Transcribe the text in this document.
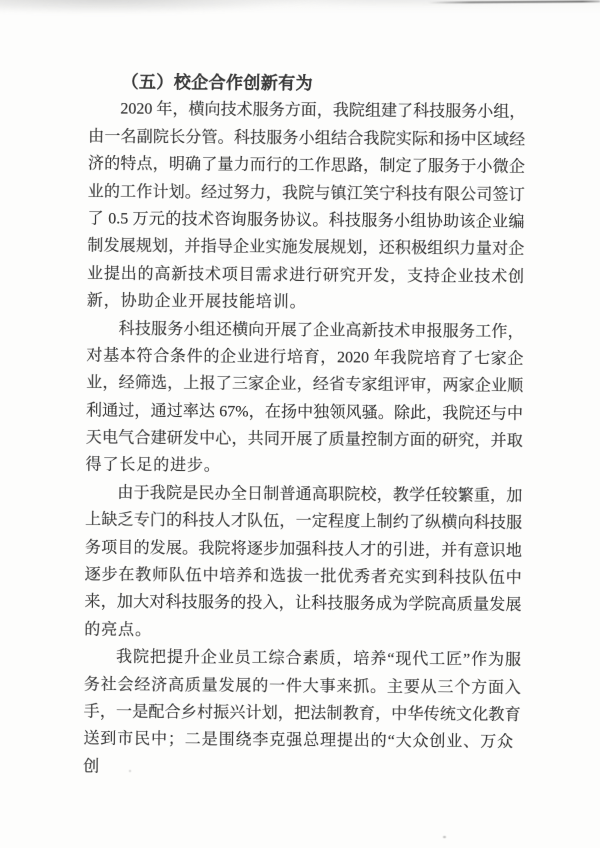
（五）校企合作创新有为
2020 年，横向技术服务方面，我院组建了科技服务小组，
由一名副院长分管。科技服务小组结合我院实际和扬中区域经
济的特点，明确了量力而行的工作思路，制定了服务于小微企
业的工作计划。经过努力，我院与镇江笑宁科技有限公司签订
了 0.5 万元的技术咨询服务协议。科技服务小组协助该企业编
制发展规划，并指导企业实施发展规划，还积极组织力量对企
业提出的高新技术项目需求进行研究开发，支持企业技术创
新，协助企业开展技能培训。
科技服务小组还横向开展了企业高新技术申报服务工作，
对基本符合条件的企业进行培育，2020 年我院培育了七家企
业，经筛选，上报了三家企业，经省专家组评审，两家企业顺
利通过，通过率达 67%，在扬中独领风骚。除此，我院还与中
天电气合建研发中心，共同开展了质量控制方面的研究，并取
得了长足的进步。
由于我院是民办全日制普通高职院校，教学任较繁重，加
上缺乏专门的科技人才队伍，一定程度上制约了纵横向科技服
务项目的发展。我院将逐步加强科技人才的引进，并有意识地
逐步在教师队伍中培养和选拔一批优秀者充实到科技队伍中
来，加大对科技服务的投入，让科技服务成为学院高质量发展
的亮点。
我院把提升企业员工综合素质，培养“现代工匠”作为服
务社会经济高质量发展的一件大事来抓。主要从三个方面入
手，一是配合乡村振兴计划，把法制教育，中华传统文化教育
送到市民中；二是围绕李克强总理提出的“大众创业、万众创
